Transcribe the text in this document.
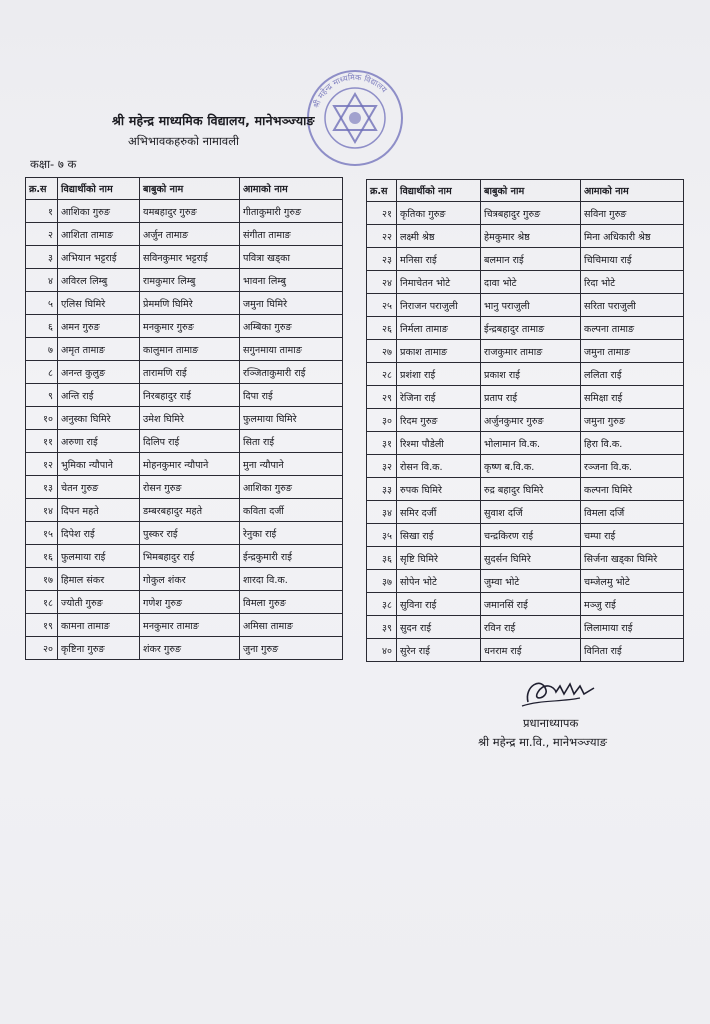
श्री महेन्द्र माध्यमिक विद्यालय
श्री महेन्द्र माध्यमिक विद्यालय, मानेभञ्ज्याङ
अभिभावकहरुको नामावली
कक्षा- ७ क
क्र.स	विद्यार्थीको नाम	बाबुको नाम	आमाको नाम
१	आशिका गुरुङ	यमबहादुर गुरुङ	गीताकुमारी गुरुङ
२	आशिता तामाङ	अर्जुन तामाङ	संगीता तामाङ
३	अभियान भट्टराई	सविनकुमार भट्टराई	पवित्रा खड्का
४	अविरल लिम्बु	रामकुमार लिम्बु	भावना लिम्बु
५	एलिस घिमिरे	प्रेममणि घिमिरे	जमुना घिमिरे
६	अमन गुरुङ	मनकुमार गुरुङ	अम्बिका गुरुङ
७	अमृत तामाङ	कालुमान तामाङ	सगुनमाया तामाङ
८	अनन्त कुलुङ	तारामणि राई	रञ्जिताकुमारी राई
९	अन्ति राई	निरबहादुर राई	दिपा राई
१०	अनुस्का घिमिरे	उमेश घिमिरे	फुलमाया घिमिरे
११	अरुणा राई	दिलिप राई	सिता राई
१२	भुमिका न्यौपाने	मोहनकुमार न्यौपाने	मुना न्यौपाने
१३	चेतन गुरुङ	रोसन गुरुङ	आशिका गुरुङ
१४	दिपन महते	डम्बरबहादुर महते	कविता दर्जी
१५	दिपेश राई	पुस्कर राई	रेनुका राई
१६	फुलमाया राई	भिमबहादुर राई	ईन्द्रकुमारी राई
१७	हिमाल संकर	गोकुल शंकर	शारदा वि.क.
१८	ज्योती गुरुङ	गणेश गुरुङ	विमला गुरुङ
१९	कामना तामाङ	मनकुमार तामाङ	अमिसा तामाङ
२०	कृष्टिना गुरुङ	शंकर गुरुङ	जुना गुरुङ
क्र.स	विद्यार्थीको नाम	बाबुको नाम	आमाको नाम
२१	कृतिका गुरुङ	चित्रबहादुर गुरुङ	सविना गुरुङ
२२	लक्ष्मी श्रेष्ठ	हेमकुमार श्रेष्ठ	मिना अधिकारी श्रेष्ठ
२३	मनिसा राई	बलमान राई	चिचिमाया राई
२४	निमाचेतन भोटे	दावा भोटे	रिदा भोटे
२५	निराजन पराजुली	भानु पराजुली	सरिता पराजुली
२६	निर्मला तामाङ	ईन्द्रबहादुर तामाङ	कल्पना तामाङ
२७	प्रकाश तामाङ	राजकुमार तामाङ	जमुना तामाङ
२८	प्रशंशा राई	प्रकाश राई	ललिता राई
२९	रेजिना राई	प्रताप राई	समिक्षा राई
३०	रिदम गुरुङ	अर्जुनकुमार गुरुङ	जमुना गुरुङ
३१	रिश्मा पौडेली	भोलामान वि.क.	हिरा वि.क.
३२	रोसन वि.क.	कृष्ण ब.वि.क.	रञ्जना वि.क.
३३	रुपक घिमिरे	रुद्र बहादुर घिमिरे	कल्पना घिमिरे
३४	समिर दर्जी	सुवाश दर्जि	विमला दर्जि
३५	सिखा राई	चन्द्रकिरण राई	चम्पा राई
३६	सृष्टि घिमिरे	सुदर्सन घिमिरे	सिर्जना खड्का घिमिरे
३७	सोपेन भोटे	जुम्वा भोटे	चम्जेलमु भोटे
३८	सुविना राई	जमानसिं राई	मञ्जु राई
३९	सुदन राई	रविन राई	लिलामाया राई
४०	सुरेन राई	धनराम राई	विनिता राई
प्रधानाध्यापक
श्री महेन्द्र मा.वि., मानेभञ्ज्याङ
